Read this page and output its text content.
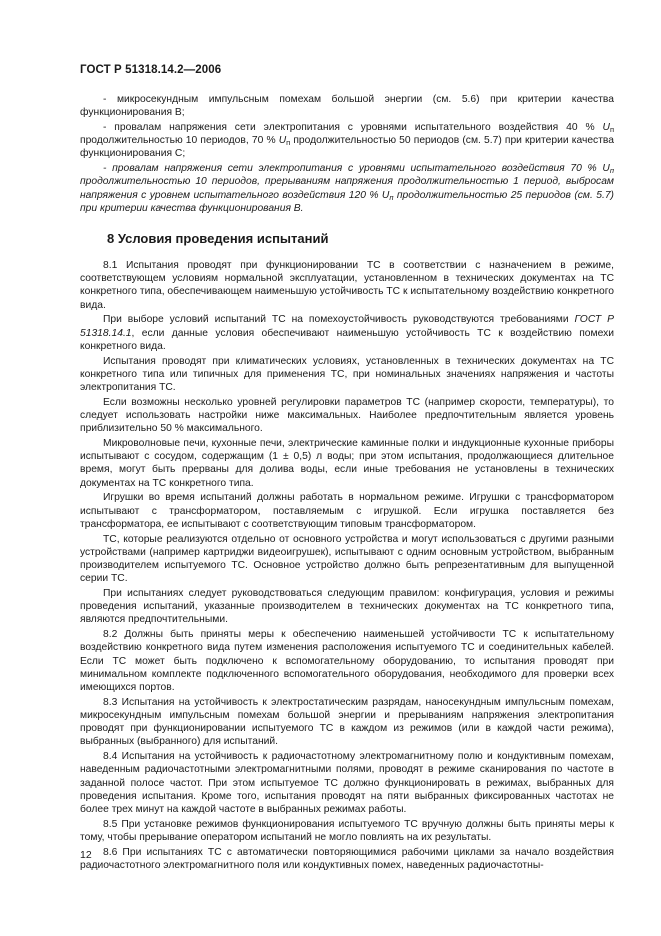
ГОСТ Р 51318.14.2—2006

- микросекундным импульсным помехам большой энергии (см. 5.6) при критерии качества функционирования В;

- провалам напряжения сети электропитания с уровнями испытательного воздействия 40 % $U_п$ продолжительностью 10 периодов, 70 % $U_п$ продолжительностью 50 периодов (см. 5.7) при критерии качества функционирования С;

- провалам напряжения сети электропитания с уровнями испытательного воздействия 70 % $U_п$ продолжительностью 10 периодов, прерываниям напряжения продолжительностью 1 период, выбросам напряжения с уровнем испытательного воздействия 120 % $U_п$ продолжительностью 25 периодов (см. 5.7) при критерии качества функционирования В.

8 Условия проведения испытаний

8.1 Испытания проводят при функционировании ТС в соответствии с назначением в режиме, соответствующем условиям нормальной эксплуатации, установленном в технических документах на ТС конкретного типа, обеспечивающем наименьшую устойчивость ТС к испытательному воздействию конкретного вида.

При выборе условий испытаний ТС на помехоустойчивость руководствуются требованиями ГОСТ Р 51318.14.1, если данные условия обеспечивают наименьшую устойчивость ТС к воздействию помехи конкретного вида.

Испытания проводят при климатических условиях, установленных в технических документах на ТС конкретного типа или типичных для применения ТС, при номинальных значениях напряжения и частоты электропитания ТС.

Если возможны несколько уровней регулировки параметров ТС (например скорости, температуры), то следует использовать настройки ниже максимальных. Наиболее предпочтительным является уровень приблизительно 50 % максимального.

Микроволновые печи, кухонные печи, электрические каминные полки и индукционные кухонные приборы испытывают с сосудом, содержащим (1 ± 0,5) л воды; при этом испытания, продолжающиеся длительное время, могут быть прерваны для долива воды, если иные требования не установлены в технических документах на ТС конкретного типа.

Игрушки во время испытаний должны работать в нормальном режиме. Игрушки с трансформатором испытывают с трансформатором, поставляемым с игрушкой. Если игрушка поставляется без трансформатора, ее испытывают с соответствующим типовым трансформатором.

ТС, которые реализуются отдельно от основного устройства и могут использоваться с другими разными устройствами (например картриджи видеоигрушек), испытывают с одним основным устройством, выбранным производителем испытуемого ТС. Основное устройство должно быть репрезентативным для выпущенной серии ТС.

При испытаниях следует руководствоваться следующим правилом: конфигурация, условия и режимы проведения испытаний, указанные производителем в технических документах на ТС конкретного типа, являются предпочтительными.

8.2 Должны быть приняты меры к обеспечению наименьшей устойчивости ТС к испытательному воздействию конкретного вида путем изменения расположения испытуемого ТС и соединительных кабелей. Если ТС может быть подключено к вспомогательному оборудованию, то испытания проводят при минимальном комплекте подключенного вспомогательного оборудования, необходимого для проверки всех имеющихся портов.

8.3 Испытания на устойчивость к электростатическим разрядам, наносекундным импульсным помехам, микросекундным импульсным помехам большой энергии и прерываниям напряжения электропитания проводят при функционировании испытуемого ТС в каждом из режимов (или в каждой части режима), выбранных (выбранного) для испытаний.

8.4 Испытания на устойчивость к радиочастотному электромагнитному полю и кондуктивным помехам, наведенным радиочастотными электромагнитными полями, проводят в режиме сканирования по частоте в заданной полосе частот. При этом испытуемое ТС должно функционировать в режимах, выбранных для проведения испытания. Кроме того, испытания проводят на пяти выбранных фиксированных частотах не более трех минут на каждой частоте в выбранных режимах работы.

8.5 При установке режимов функционирования испытуемого ТС вручную должны быть приняты меры к тому, чтобы прерывание оператором испытаний не могло повлиять на их результаты.

8.6 При испытаниях ТС с автоматически повторяющимися рабочими циклами за начало воздействия радиочастотного электромагнитного поля или кондуктивных помех, наведенных радиочастотны-

12
